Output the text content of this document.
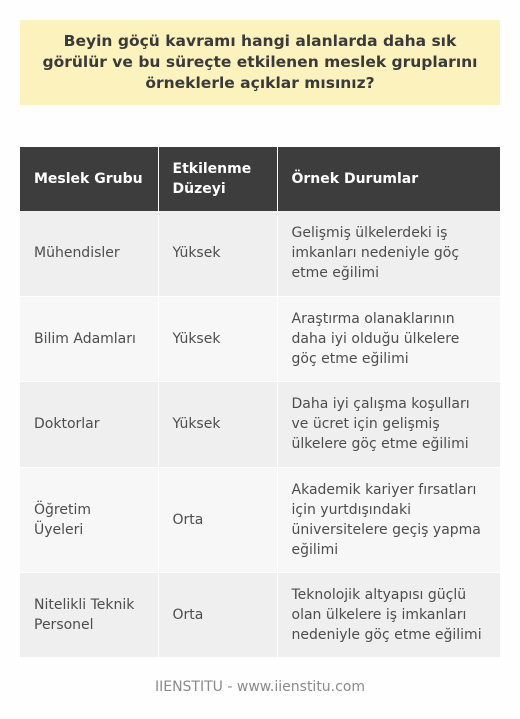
Beyin göçü kavramı hangi alanlarda daha sık görülür ve bu süreçte etkilenen meslek gruplarını örneklerle açıklar mısınız?
Meslek Grubu	Etkilenme Düzeyi	Örnek Durumlar
Mühendisler	Yüksek	Gelişmiş ülkelerdeki iş imkanları nedeniyle göç etme eğilimi
Bilim Adamları	Yüksek	Araştırma olanaklarının daha iyi olduğu ülkelere göç etme eğilimi
Doktorlar	Yüksek	Daha iyi çalışma koşulları ve ücret için gelişmiş ülkelere göç etme eğilimi
Öğretim Üyeleri	Orta	Akademik kariyer fırsatları için yurtdışındaki üniversitelere geçiş yapma eğilimi
Nitelikli Teknik Personel	Orta	Teknolojik altyapısı güçlü olan ülkelere iş imkanları nedeniyle göç etme eğilimi
IIENSTITU - www.iienstitu.com
